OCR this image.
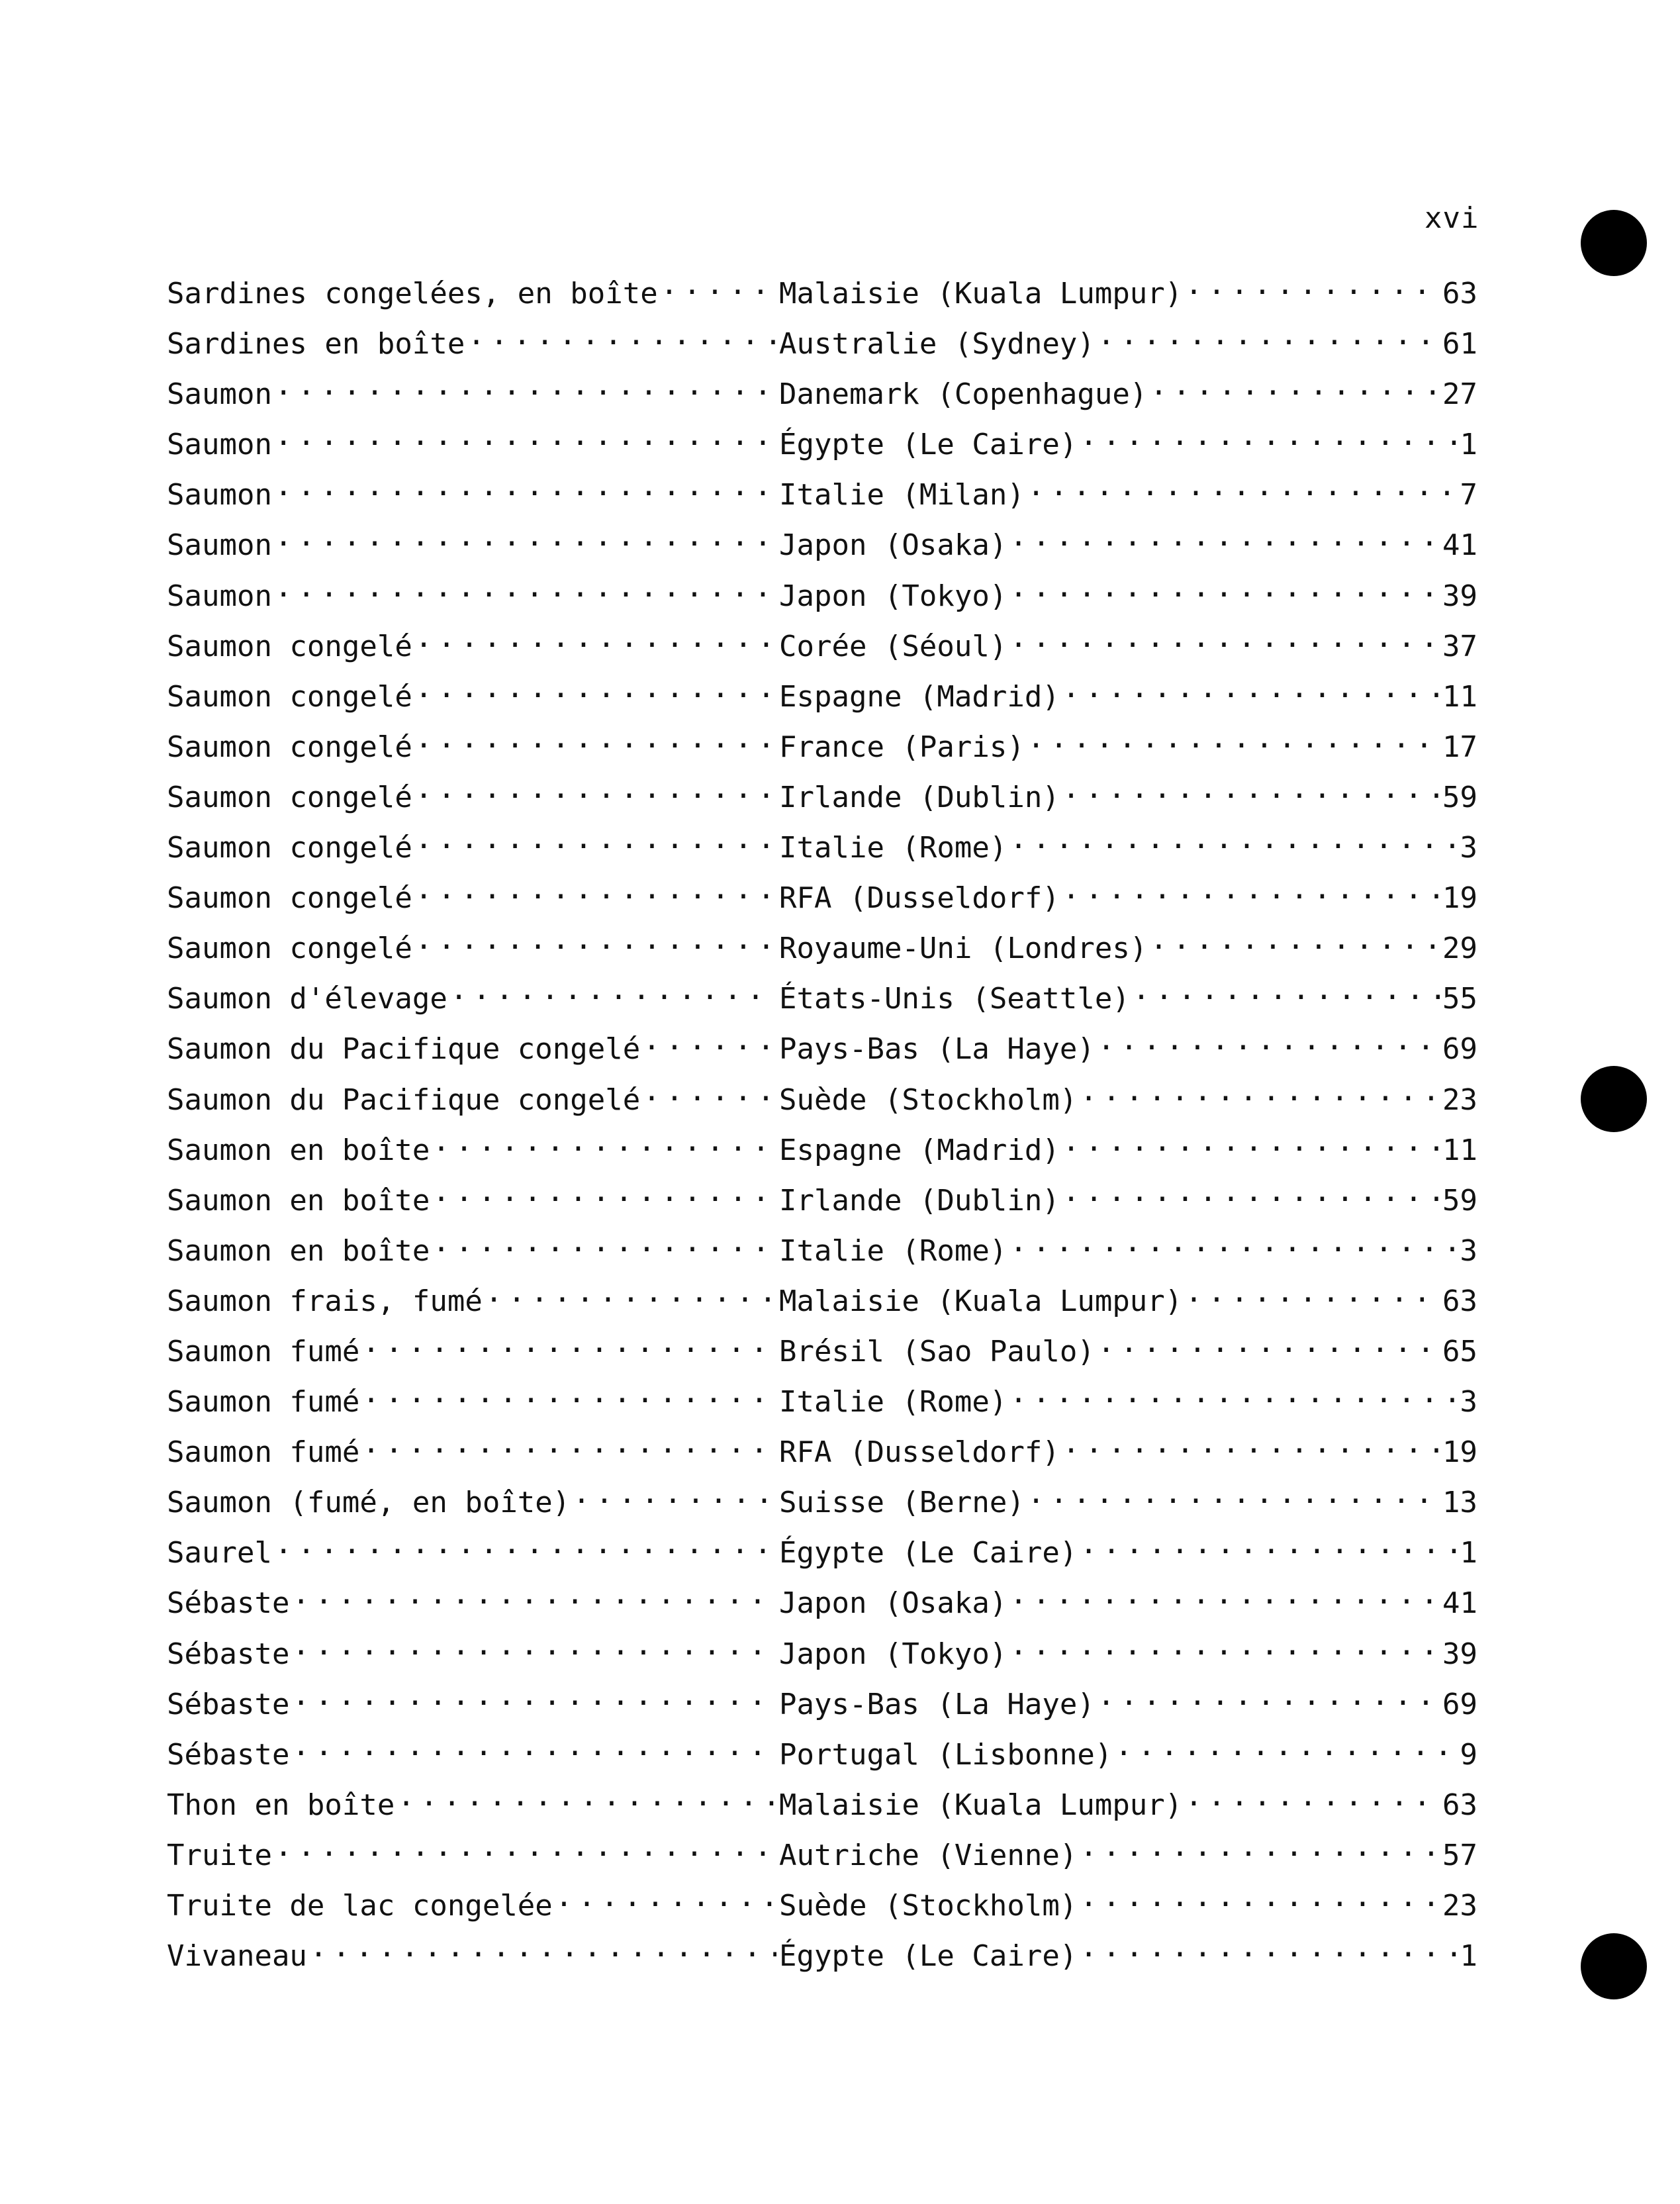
xvi
Sardines congelées, en boîte .....	Malaisie (Kuala Lumpur) .....	63
Sardines en boîte .....	Australie (Sydney) .....	61
Saumon .....	Danemark (Copenhague) .....	27
Saumon .....	Égypte (Le Caire) .....	1
Saumon .....	Italie (Milan) .....	7
Saumon .....	Japon (Osaka) .....	41
Saumon .....	Japon (Tokyo) .....	39
Saumon congelé .....	Corée (Séoul) .....	37
Saumon congelé .....	Espagne (Madrid) .....	11
Saumon congelé .....	France (Paris) .....	17
Saumon congelé .....	Irlande (Dublin) .....	59
Saumon congelé .....	Italie (Rome) .....	3
Saumon congelé .....	RFA (Dusseldorf) .....	19
Saumon congelé .....	Royaume-Uni (Londres) .....	29
Saumon d'élevage .....	États-Unis (Seattle) .....	55
Saumon du Pacifique congelé .....	Pays-Bas (La Haye) .....	69
Saumon du Pacifique congelé .....	Suède (Stockholm) .....	23
Saumon en boîte .....	Espagne (Madrid) .....	11
Saumon en boîte .....	Irlande (Dublin) .....	59
Saumon en boîte .....	Italie (Rome) .....	3
Saumon frais, fumé .....	Malaisie (Kuala Lumpur) .....	63
Saumon fumé .....	Brésil (Sao Paulo) .....	65
Saumon fumé .....	Italie (Rome) .....	3
Saumon fumé .....	RFA (Dusseldorf) .....	19
Saumon (fumé, en boîte) .....	Suisse (Berne) .....	13
Saurel .....	Égypte (Le Caire) .....	1
Sébaste .....	Japon (Osaka) .....	41
Sébaste .....	Japon (Tokyo) .....	39
Sébaste .....	Pays-Bas (La Haye) .....	69
Sébaste .....	Portugal (Lisbonne) .....	9
Thon en boîte .....	Malaisie (Kuala Lumpur) .....	63
Truite .....	Autriche (Vienne) .....	57
Truite de lac congelée .....	Suède (Stockholm) .....	23
Vivaneau .....	Égypte (Le Caire) .....	1
